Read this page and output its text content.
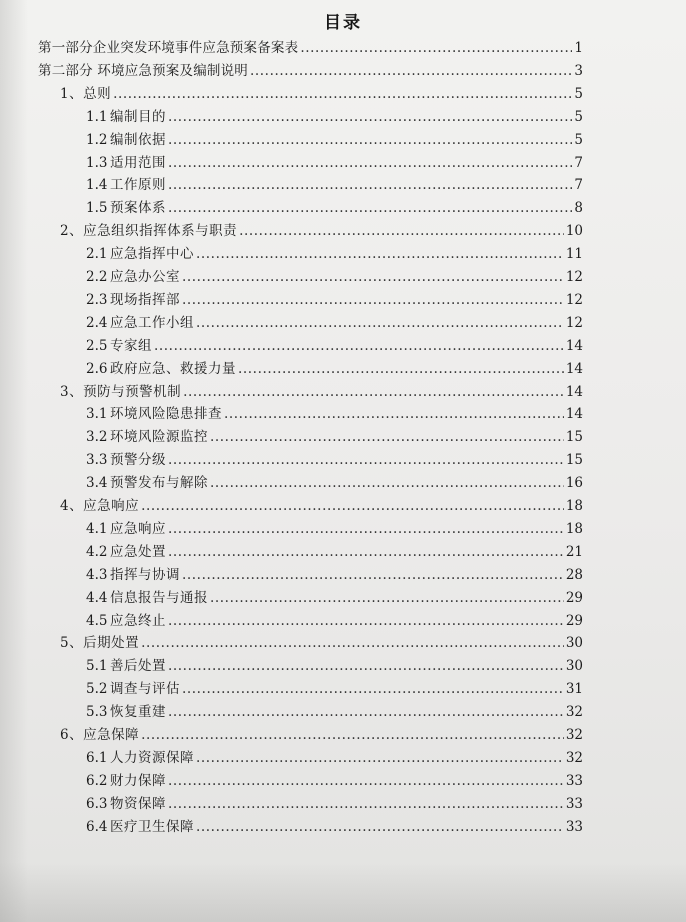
目录
第一部分企业突发环境事件应急预案备案表 .....	1
第二部分 环境应急预案及编制说明 .....	3
1、总则 .....	5
1.1 编制目的 .....	5
1.2 编制依据 .....	5
1.3 适用范围 .....	7
1.4 工作原则 .....	7
1.5 预案体系 .....	8
2、应急组织指挥体系与职责 .....	10
2.1 应急指挥中心 .....	11
2.2 应急办公室 .....	12
2.3 现场指挥部 .....	12
2.4 应急工作小组 .....	12
2.5 专家组 .....	14
2.6 政府应急、救援力量 .....	14
3、预防与预警机制 .....	14
3.1 环境风险隐患排查 .....	14
3.2 环境风险源监控 .....	15
3.3 预警分级 .....	15
3.4 预警发布与解除 .....	16
4、应急响应 .....	18
4.1 应急响应 .....	18
4.2 应急处置 .....	21
4.3 指挥与协调 .....	28
4.4 信息报告与通报 .....	29
4.5 应急终止 .....	29
5、后期处置 .....	30
5.1 善后处置 .....	30
5.2 调查与评估 .....	31
5.3 恢复重建 .....	32
6、应急保障 .....	32
6.1 人力资源保障 .....	32
6.2 财力保障 .....	33
6.3 物资保障 .....	33
6.4 医疗卫生保障 .....	33
